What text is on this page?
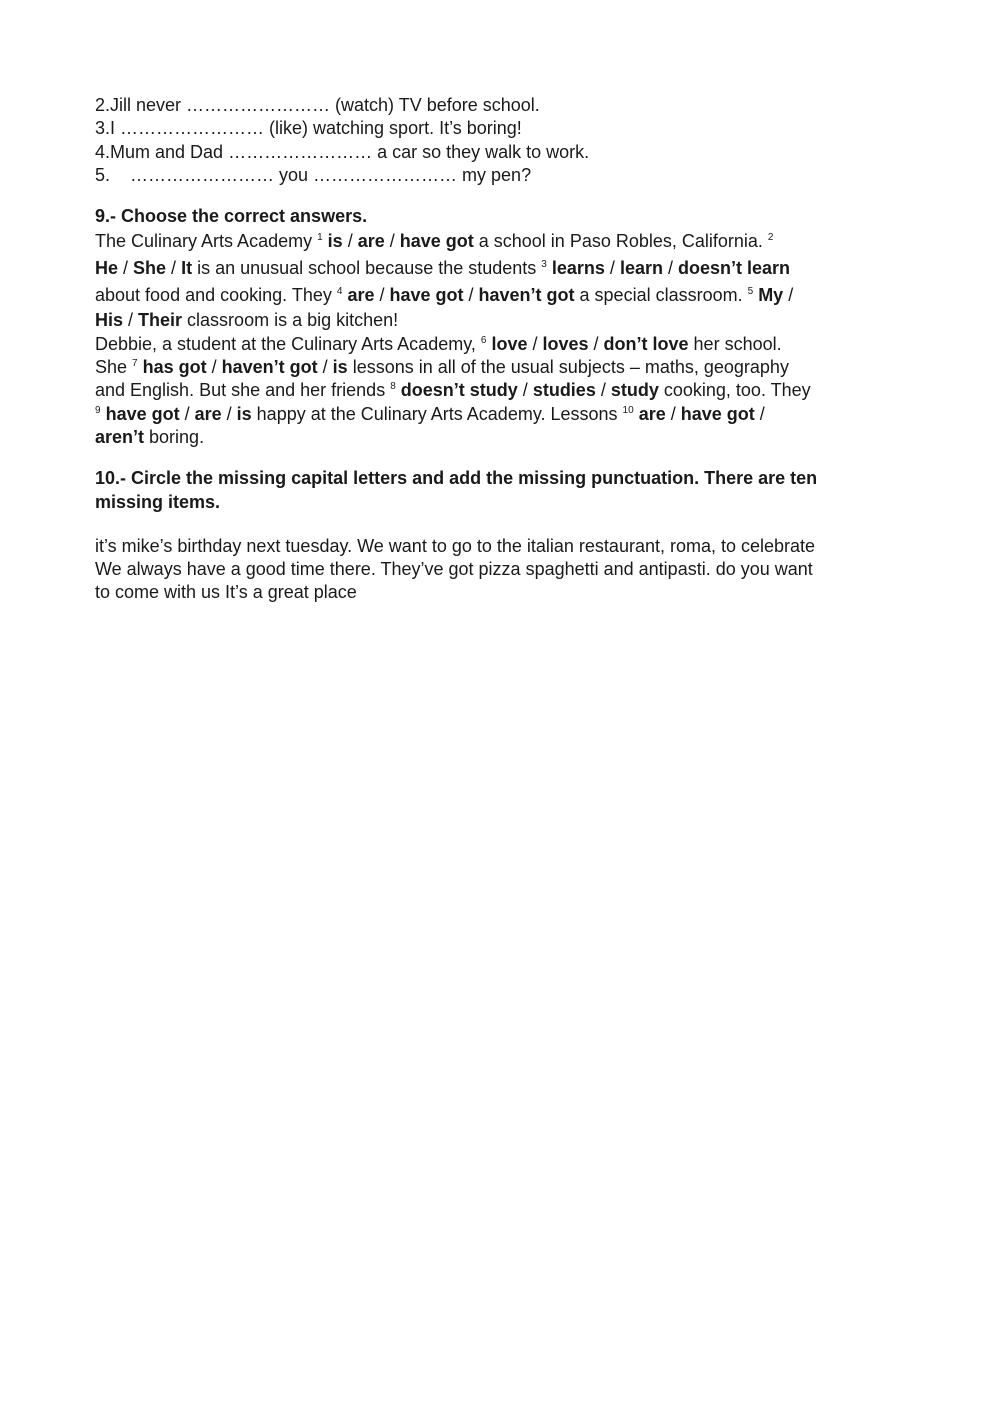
2.Jill never …………………… (watch) TV before school.
3.I …………………… (like) watching sport. It’s boring!
4.Mum and Dad …………………… a car so they walk to work.
5.    …………………… you …………………… my pen?
9.- Choose the correct answers.
The Culinary Arts Academy $^1$ is / are / have got a school in Paso Robles, California. $^2$
He / She / It is an unusual school because the students $^3$ learns / learn / doesn’t learn
about food and cooking. They $^4$ are / have got / haven’t got a special classroom. $^5$ My /
His / Their classroom is a big kitchen!
Debbie, a student at the Culinary Arts Academy, $^6$ love / loves / don’t love her school.
She $^7$ has got / haven’t got / is lessons in all of the usual subjects – maths, geography
and English. But she and her friends $^8$ doesn’t study / studies / study cooking, too. They
$^9$ have got / are / is happy at the Culinary Arts Academy. Lessons $^{10}$ are / have got /
aren’t boring.
10.- Circle the missing capital letters and add the missing punctuation. There are ten
missing items.
it’s mike’s birthday next tuesday. We want to go to the italian restaurant, roma, to celebrate
We always have a good time there. They’ve got pizza spaghetti and antipasti. do you want
to come with us It’s a great place
